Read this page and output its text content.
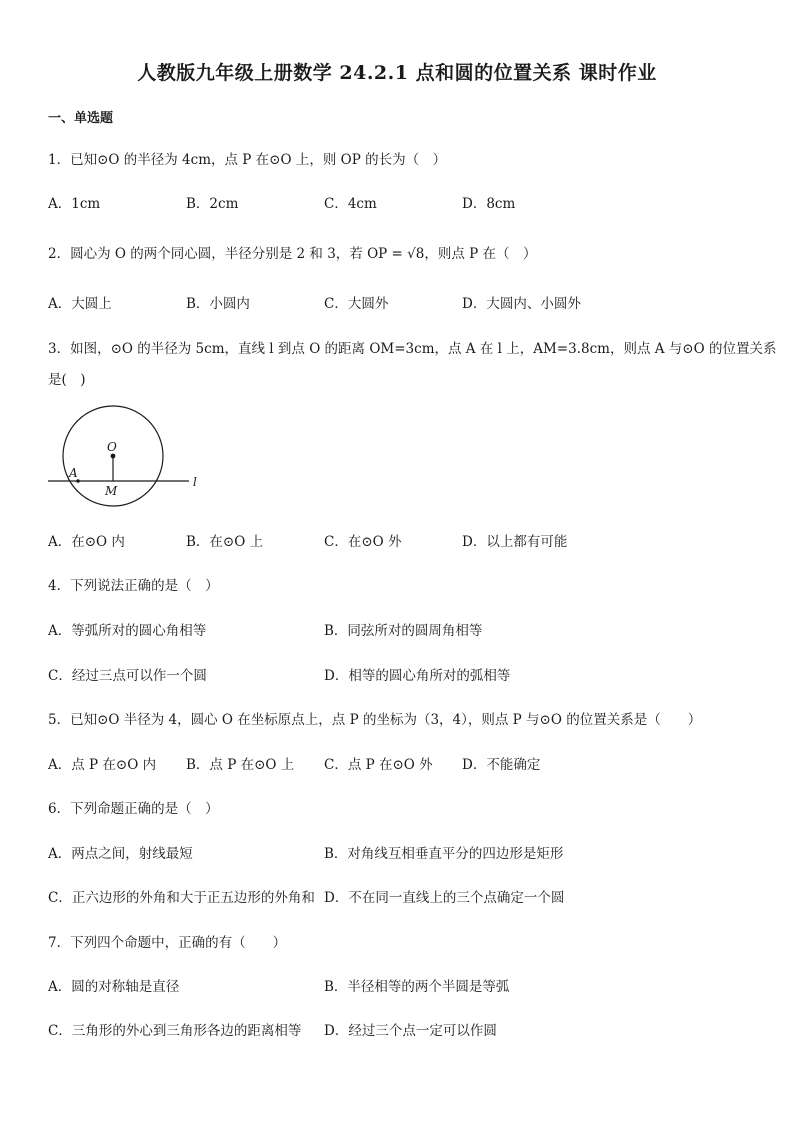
人教版九年级上册数学 24.2.1 点和圆的位置关系 课时作业
一、单选题
1．已知⊙O 的半径为 4cm，点 P 在⊙O 上，则 OP 的长为（　）
A．1cm	B．2cm	C．4cm	D．8cm
2．圆心为 O 的两个同心圆，半径分别是 2 和 3，若 OP = √8，则点 P 在（　）
A．大圆上	B．小圆内	C．大圆外	D．大圆内、小圆外
3．如图，⊙O 的半径为 5cm，直线 l 到点 O 的距离 OM=3cm，点 A 在 l 上，AM=3.8cm，则点 A 与⊙O 的位置关系
是(　)
O
M
A
l
A．在⊙O 内	B．在⊙O 上	C．在⊙O 外	D．以上都有可能
4．下列说法正确的是（　）
A．等弧所对的圆心角相等	B．同弦所对的圆周角相等
C．经过三点可以作一个圆	D．相等的圆心角所对的弧相等
5．已知⊙O 半径为 4，圆心 O 在坐标原点上，点 P 的坐标为（3，4），则点 P 与⊙O 的位置关系是（　　）
A．点 P 在⊙O 内 B．点 P 在⊙O 上 C．点 P 在⊙O 外 D．不能确定
6．下列命题正确的是（　）
A．两点之间，射线最短	B．对角线互相垂直平分的四边形是矩形
C．正六边形的外角和大于正五边形的外角和 D．不在同一直线上的三个点确定一个圆
7．下列四个命题中，正确的有（　　）
A．圆的对称轴是直径	B．半径相等的两个半圆是等弧
C．三角形的外心到三角形各边的距离相等 D．经过三个点一定可以作圆
